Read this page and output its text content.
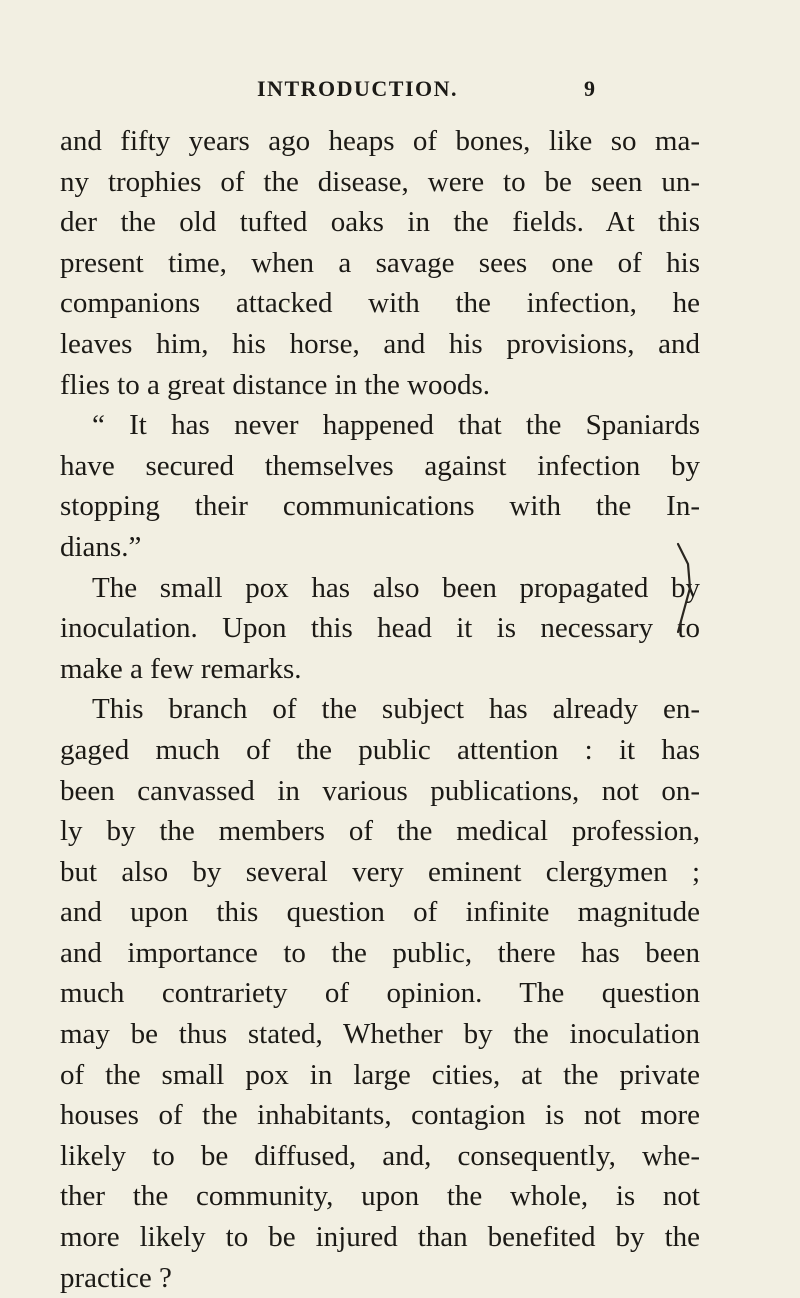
INTRODUCTION.	9
and fifty years ago heaps of bones, like so ma-
ny trophies of the disease, were to be seen un-
der the old tufted oaks in the fields. At this
present time, when a savage sees one of his
companions attacked with the infection, he
leaves him, his horse, and his provisions, and
flies to a great distance in the woods.
“ It has never happened that the Spaniards
have secured themselves against infection by
stopping their communications with the In-
dians.”
The small pox has also been propagated by
inoculation. Upon this head it is necessary to
make a few remarks.
This branch of the subject has already en-
gaged much of the public attention : it has
been canvassed in various publications, not on-
ly by the members of the medical profession,
but also by several very eminent clergymen ;
and upon this question of infinite magnitude
and importance to the public, there has been
much contrariety of opinion. The question
may be thus stated, Whether by the inoculation
of the small pox in large cities, at the private
houses of the inhabitants, contagion is not more
likely to be diffused, and, consequently, whe-
ther the community, upon the whole, is not
more likely to be injured than benefited by the
practice ?
